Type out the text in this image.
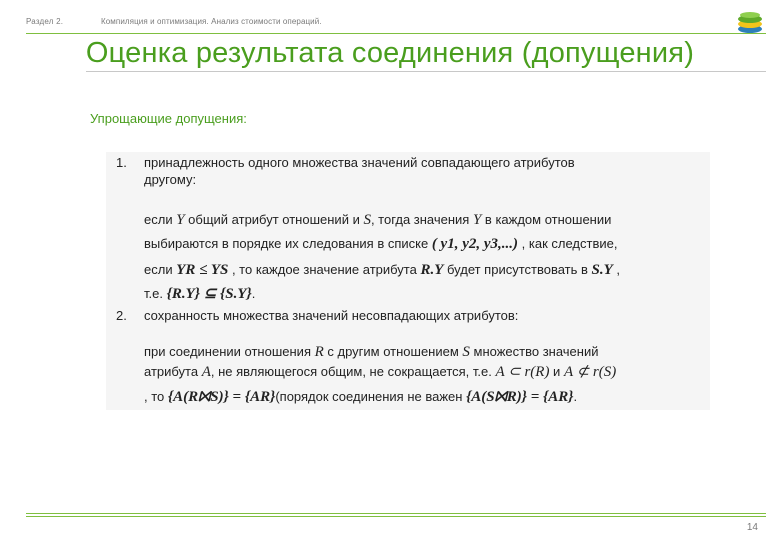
Раздел 2.	Компиляция и оптимизация. Анализ стоимости операций.
Оценка результата соединения (допущения)
Упрощающие допущения:
1. принадлежность одного множества значений совпадающего атрибутов
другому:
если Y общий атрибут отношений и S, тогда значения Y в каждом отношении
выбираются в порядке их следования в списке ( y1, y2, y3,...) , как следствие,
если YR ≤ YS , то каждое значение атрибута R.Y будет присутствовать в S.Y ,
т.е. {R.Y} ⊆ {S.Y}.
2. сохранность множества значений несовпадающих атрибутов:
при соединении отношения R с другим отношением S множество значений
атрибута A, не являющегося общим, не сокращается, т.е. A ⊂ r(R) и A ⊄ r(S)
, то {A(R⨝S)} = {AR}(порядок соединения не важен {A(S⨝R)} = {AR}.
14
